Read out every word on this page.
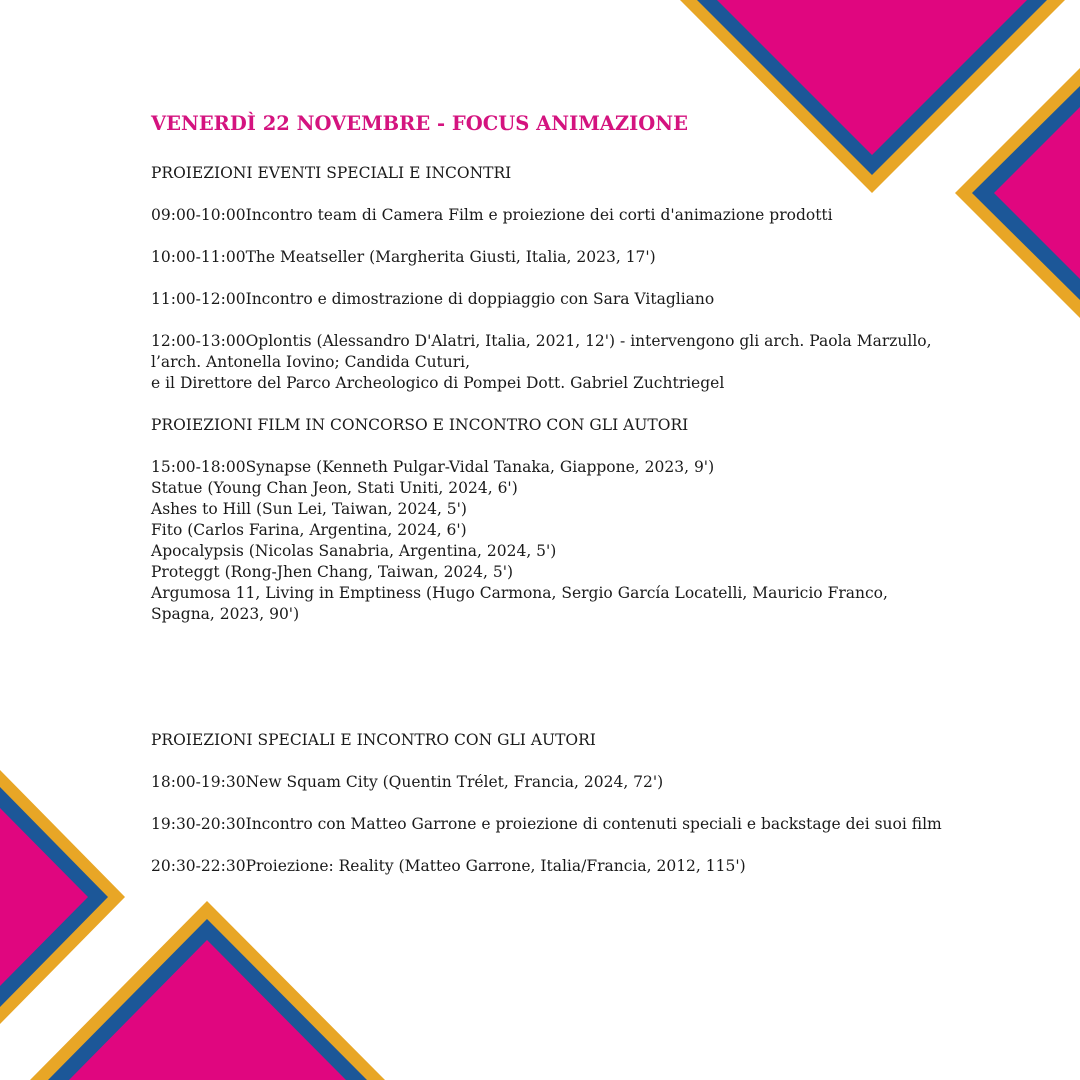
VENERDÌ 22 NOVEMBRE - FOCUS ANIMAZIONE
PROIEZIONI EVENTI SPECIALI E INCONTRI
09:00-10:00Incontro team di Camera Film e proiezione dei corti d'animazione prodotti
10:00-11:00The Meatseller (Margherita Giusti, Italia, 2023, 17')
11:00-12:00Incontro e dimostrazione di doppiaggio con Sara Vitagliano
12:00-13:00Oplontis (Alessandro D'Alatri, Italia, 2021, 12') - intervengono gli arch. Paola Marzullo,
l’arch. Antonella Iovino; Candida Cuturi,
e il Direttore del Parco Archeologico di Pompei Dott. Gabriel Zuchtriegel
PROIEZIONI FILM IN CONCORSO E INCONTRO CON GLI AUTORI
15:00-18:00Synapse (Kenneth Pulgar-Vidal Tanaka, Giappone, 2023, 9')
Statue (Young Chan Jeon, Stati Uniti, 2024, 6')
Ashes to Hill (Sun Lei, Taiwan, 2024, 5')
Fito (Carlos Farina, Argentina, 2024, 6')
Apocalypsis (Nicolas Sanabria, Argentina, 2024, 5')
Proteggt (Rong-Jhen Chang, Taiwan, 2024, 5')
Argumosa 11, Living in Emptiness (Hugo Carmona, Sergio García Locatelli, Mauricio Franco,
Spagna, 2023, 90')
PROIEZIONI SPECIALI E INCONTRO CON GLI AUTORI
18:00-19:30New Squam City (Quentin Trélet, Francia, 2024, 72')
19:30-20:30Incontro con Matteo Garrone e proiezione di contenuti speciali e backstage dei suoi film
20:30-22:30Proiezione: Reality (Matteo Garrone, Italia/Francia, 2012, 115')
